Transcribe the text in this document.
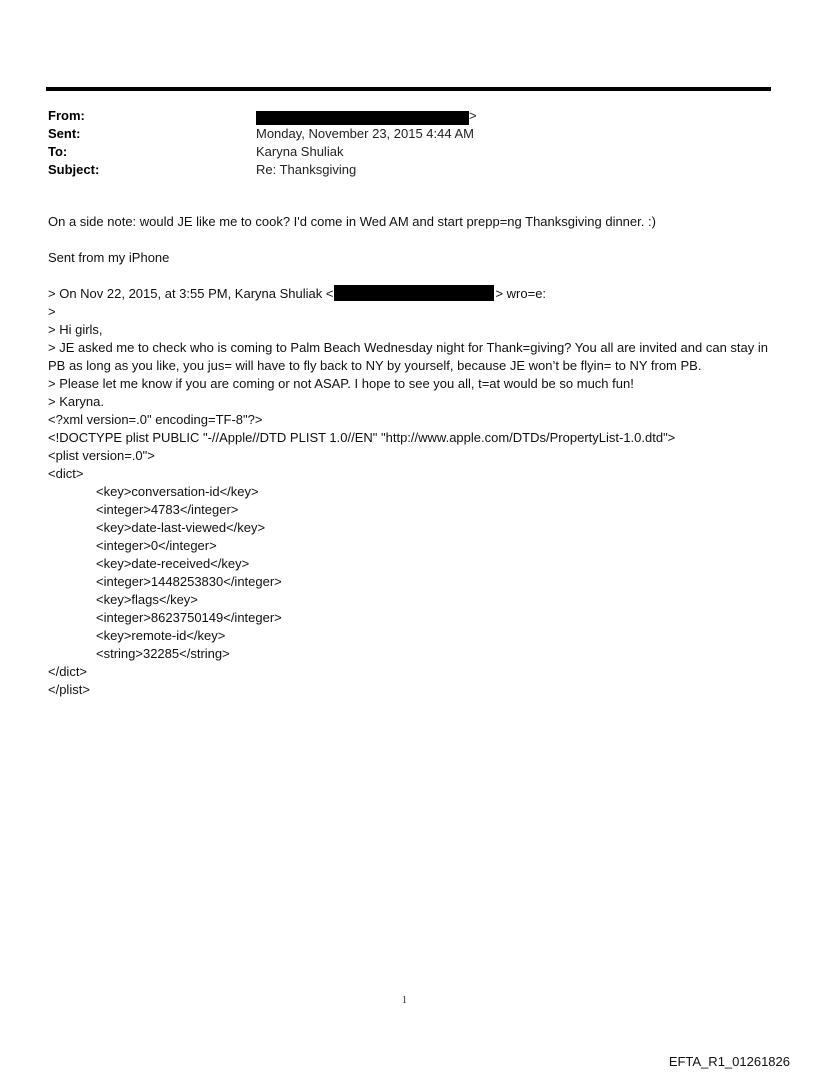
From:	>
Sent:	Monday, November 23, 2015 4:44 AM
To:	Karyna Shuliak
Subject:	Re: Thanksgiving
On a side note: would JE like me to cook? I'd come in Wed AM and start prepp=ng Thanksgiving dinner. :)
Sent from my iPhone
> On Nov 22, 2015, at 3:55 PM, Karyna Shuliak <	> wro=e:
>
> Hi girls,
> JE asked me to check who is coming to Palm Beach Wednesday night for Thank=giving? You all are invited and can stay in PB as long as you like, you jus= will have to fly back to NY by yourself, because JE won’t be flyin= to NY from PB.
> Please let me know if you are coming or not ASAP. I hope to see you all, t=at would be so much fun!
> Karyna.
<?xml version=.0" encoding=TF-8"?>
<!DOCTYPE plist PUBLIC "-//Apple//DTD PLIST 1.0//EN" "http://www.apple.com/DTDs/PropertyList-1.0.dtd">
<plist version=.0">
<dict>
<key>conversation-id</key>
<integer>4783</integer>
<key>date-last-viewed</key>
<integer>0</integer>
<key>date-received</key>
<integer>1448253830</integer>
<key>flags</key>
<integer>8623750149</integer>
<key>remote-id</key>
<string>32285</string>
</dict>
</plist>
1
EFTA_R1_01261826
